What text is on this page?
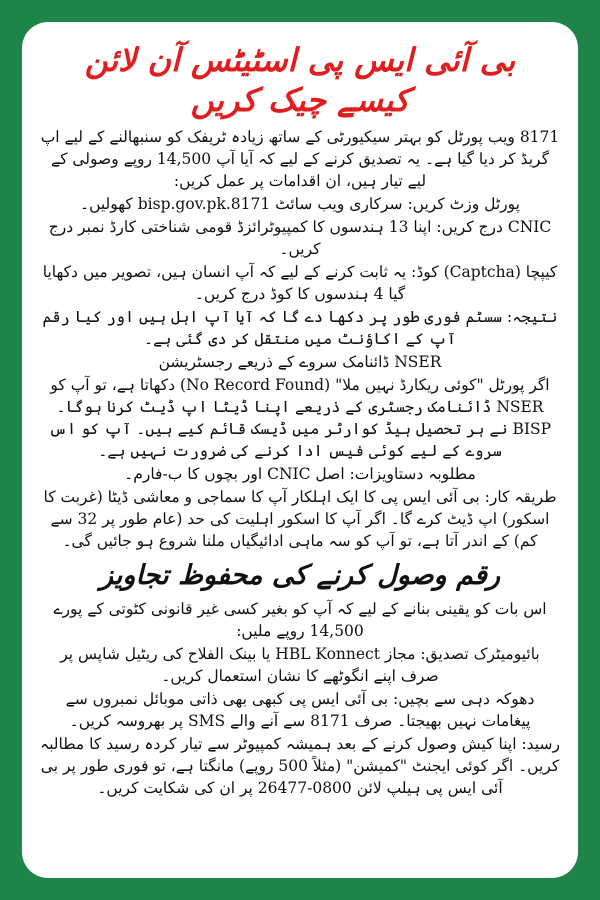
بی آئی ایس پی اسٹیٹس آن لائن کیسے چیک کریں

8171 ویب پورٹل کو بہتر سیکیورٹی کے ساتھ زیادہ ٹریفک کو سنبھالنے کے لیے اپ گریڈ کر دیا گیا ہے۔ یہ تصدیق کرنے کے لیے کہ آیا آپ 14,500 روپے وصولی کے لیے تیار ہیں، ان اقدامات پر عمل کریں:

پورٹل وزٹ کریں: سرکاری ویب سائٹ bisp.gov.pk.8171 کھولیں۔

CNIC درج کریں: اپنا 13 ہندسوں کا کمپیوٹرائزڈ قومی شناختی کارڈ نمبر درج کریں۔

کیپچا (Captcha) کوڈ: یہ ثابت کرنے کے لیے کہ آپ انسان ہیں، تصویر میں دکھایا گیا 4 ہندسوں کا کوڈ درج کریں۔

نتیجہ: سسٹم فوری طور پر دکھا دے گا کہ آیا آپ اہل ہیں اور کیا رقم آپ کے اکاؤنٹ میں منتقل کر دی گئی ہے۔

NSER ڈائنامک سروے کے ذریعے رجسٹریشن

اگر پورٹل "کوئی ریکارڈ نہیں ملا" (No Record Found) دکھاتا ہے، تو آپ کو NSER ڈائنامک رجسٹری کے ذریعے اپنا ڈیٹا اپ ڈیٹ کرنا ہوگا۔ BISP نے ہر تحصیل ہیڈ کوارٹر میں ڈیسک قائم کیے ہیں۔ آپ کو اس سروے کے لیے کوئی فیس ادا کرنے کی ضرورت نہیں ہے۔

مطلوبہ دستاویزات: اصل CNIC اور بچوں کا ب-فارم۔

طریقہ کار: بی آئی ایس پی کا ایک اہلکار آپ کا سماجی و معاشی ڈیٹا (غربت کا اسکور) اپ ڈیٹ کرے گا۔ اگر آپ کا اسکور اہلیت کی حد (عام طور پر 32 سے کم) کے اندر آتا ہے، تو آپ کو سہ ماہی ادائیگیاں ملنا شروع ہو جائیں گی۔

رقم وصول کرنے کی محفوظ تجاویز

اس بات کو یقینی بنانے کے لیے کہ آپ کو بغیر کسی غیر قانونی کٹوتی کے پورے 14,500 روپے ملیں:

بائیومیٹرک تصدیق: مجاز HBL Konnect یا بینک الفلاح کی ریٹیل شاپس پر صرف اپنے انگوٹھے کا نشان استعمال کریں۔

دھوکہ دہی سے بچیں: بی آئی ایس پی کبھی بھی ذاتی موبائل نمبروں سے پیغامات نہیں بھیجتا۔ صرف 8171 سے آنے والے SMS پر بھروسہ کریں۔

رسید: اپنا کیش وصول کرنے کے بعد ہمیشہ کمپیوٹر سے تیار کردہ رسید کا مطالبہ کریں۔ اگر کوئی ایجنٹ "کمیشن" (مثلاً 500 روپے) مانگتا ہے، تو فوری طور پر بی آئی ایس پی ہیلپ لائن 0800-26477 پر ان کی شکایت کریں۔
